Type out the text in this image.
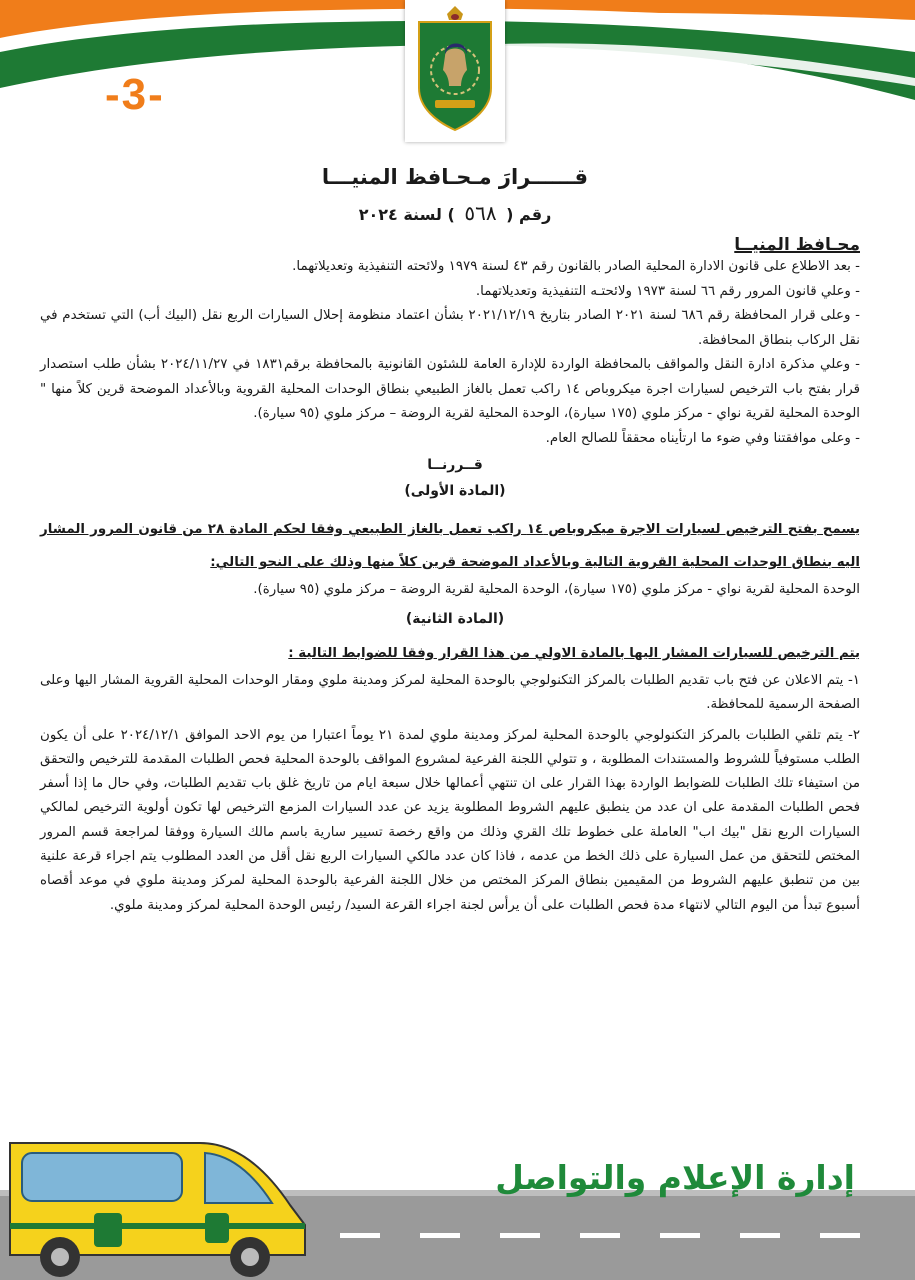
-3-

قــــــرارَ مـحـافظ المنيـــا

رقم ( ٥٦٨ ) لسنة ٢٠٢٤

محـافظ المنيــا

- بعد الاطلاع على قانون الادارة المحلية الصادر بالقانون رقم ٤٣ لسنة ١٩٧٩ ولائحته التنفيذية وتعديلاتهما.

- وعلي قانون المرور رقم ٦٦ لسنة ١٩٧٣ ولائحتـه التنفيذية وتعديلاتهما.

- وعلى قرار المحافظة رقم ٦٨٦ لسنة ٢٠٢١ الصادر بتاريخ ٢٠٢١/١٢/١٩ بشأن اعتماد منظومة إحلال السيارات الربع نقل (البيك أب) التي تستخدم في نقل الركاب بنطاق المحافظة.

- وعلي مذكرة ادارة النقل والمواقف بالمحافظة الواردة للإدارة العامة للشئون القانونية بالمحافظة برقم١٨٣١ في ٢٠٢٤/١١/٢٧ بشأن طلب استصدار قرار بفتح باب الترخيص لسيارات اجرة ميكروباص ١٤ راكب تعمل بالغاز الطبيعي بنطاق الوحدات المحلية القروية وبالأعداد الموضحة قرين كلاً منها " الوحدة المحلية لقرية نواي - مركز ملوي (١٧٥ سيارة)، الوحدة المحلية لقرية الروضة – مركز ملوي (٩٥ سيارة).

- وعلى موافقتنا وفي ضوء ما ارتأيناه محققاً للصالح العام.

قــررنــا

(المادة الأولى)

يسمح بفتح الترخيص لسيارات الاجرة ميكروباص ١٤ راكب تعمل بالغاز الطبيعي وفقا لحكم المادة ٢٨ من قانون المرور المشار اليه بنطاق الوحدات المحلية القروية التالية وبالأعداد الموضحة قرين كلاً منها وذلك على النحو التالي:

الوحدة المحلية لقرية نواي - مركز ملوي (١٧٥ سيارة)، الوحدة المحلية لقرية الروضة – مركز ملوي (٩٥ سيارة).

(المادة الثانية)

يتم الترخيص للسيارات المشار اليها بالمادة الاولي من هذا القرار وفقا للضوابط التالية :

١- يتم الاعلان عن فتح باب تقديم الطلبات بالمركز التكنولوجي بالوحدة المحلية لمركز ومدينة ملوي ومقار الوحدات المحلية القروية المشار اليها وعلى الصفحة الرسمية للمحافظة.

٢- يتم تلقي الطلبات بالمركز التكنولوجي بالوحدة المحلية لمركز ومدينة ملوي لمدة ٢١ يوماً اعتبارا من يوم الاحد الموافق ٢٠٢٤/١٢/١ على أن يكون الطلب مستوفياً للشروط والمستندات المطلوبة ، و تتولي اللجنة الفرعية لمشروع المواقف بالوحدة المحلية فحص الطلبات المقدمة للترخيص والتحقق من استيفاء تلك الطلبات للضوابط الواردة بهذا القرار على ان تنتهي أعمالها خلال سبعة ايام من تاريخ غلق باب تقديم الطلبات، وفي حال ما إذا أسفر فحص الطلبات المقدمة على ان عدد من ينطبق عليهم الشروط المطلوبة يزيد عن عدد السيارات المزمع الترخيص لها تكون أولوية الترخيص لمالكي السيارات الربع نقل "بيك اب" العاملة على خطوط تلك القري وذلك من واقع رخصة تسيير سارية باسم مالك السيارة ووفقا لمراجعة قسم المرور المختص للتحقق من عمل السيارة على ذلك الخط من عدمه ، فاذا كان عدد مالكي السيارات الربع نقل أقل من العدد المطلوب يتم اجراء قرعة علنية بين من تنطبق عليهم الشروط من المقيمين بنطاق المركز المختص من خلال اللجنة الفرعية بالوحدة المحلية لمركز ومدينة ملوي في موعد أقصاه أسبوع تبدأ من اليوم التالي لانتهاء مدة فحص الطلبات على أن يرأس لجنة اجراء القرعة السيد/ رئيس الوحدة المحلية لمركز ومدينة ملوي.

إدارة الإعلام والتواصل
